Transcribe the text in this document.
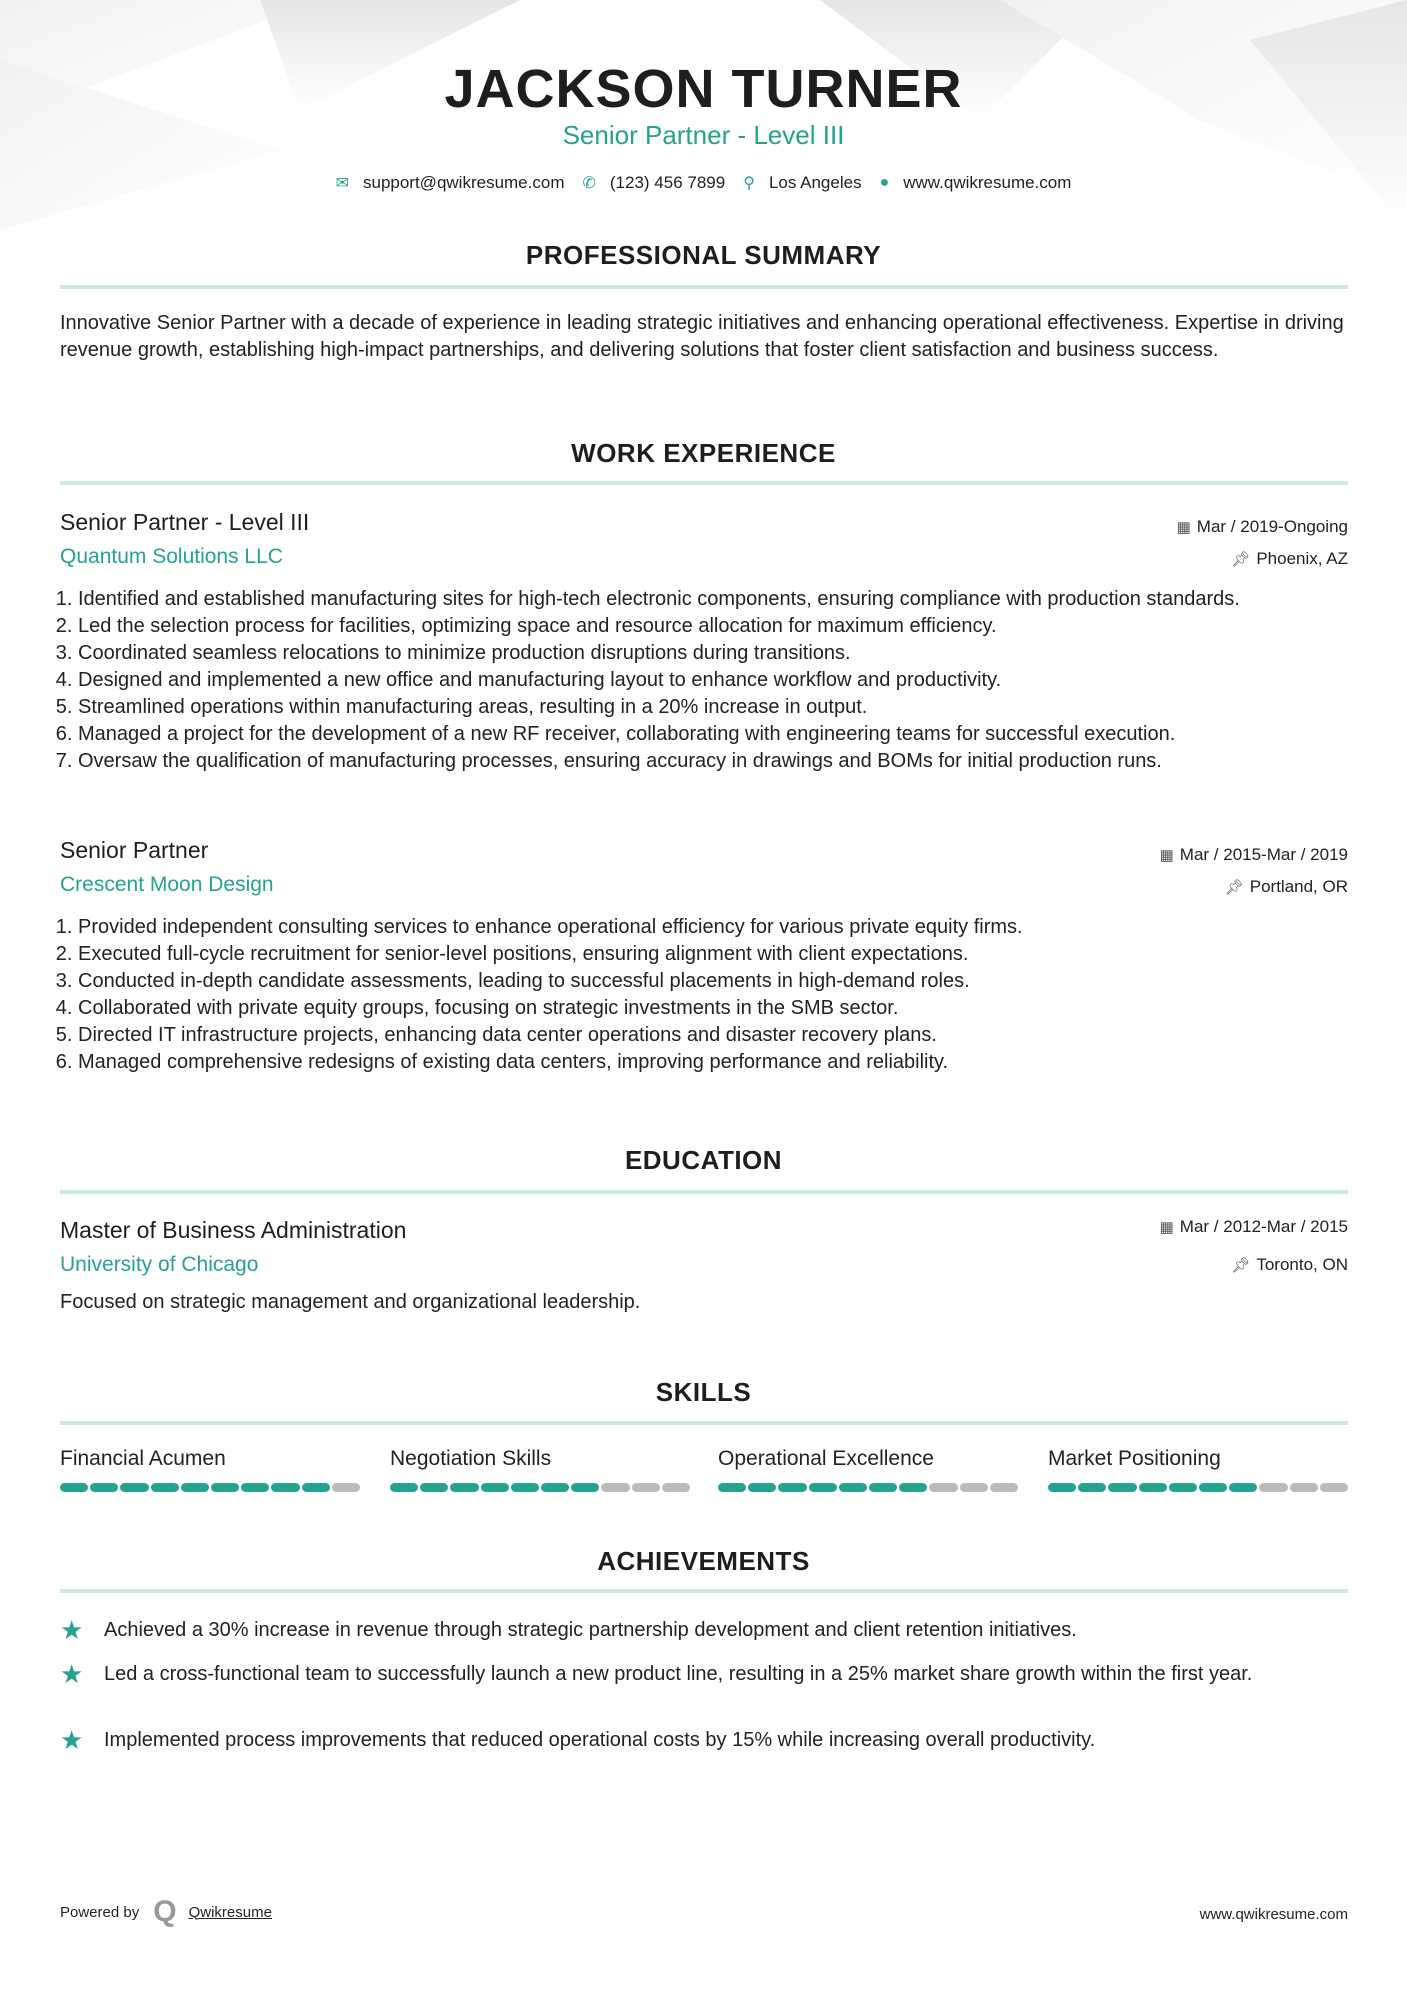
JACKSON TURNER
Senior Partner - Level III
✉ support@qwikresume.com ✆ (123) 456 7899 ⚲ Los Angeles ● www.qwikresume.com
PROFESSIONAL SUMMARY
Innovative Senior Partner with a decade of experience in leading strategic initiatives and enhancing operational effectiveness. Expertise in driving revenue growth, establishing high-impact partnerships, and delivering solutions that foster client satisfaction and business success.
WORK EXPERIENCE
Senior Partner - Level III	▦ Mar / 2019-Ongoing
Quantum Solutions LLC	📌︎ Phoenix, AZ
1. Identified and established manufacturing sites for high-tech electronic components, ensuring compliance with production standards.
2. Led the selection process for facilities, optimizing space and resource allocation for maximum efficiency.
3. Coordinated seamless relocations to minimize production disruptions during transitions.
4. Designed and implemented a new office and manufacturing layout to enhance workflow and productivity.
5. Streamlined operations within manufacturing areas, resulting in a 20% increase in output.
6. Managed a project for the development of a new RF receiver, collaborating with engineering teams for successful execution.
7. Oversaw the qualification of manufacturing processes, ensuring accuracy in drawings and BOMs for initial production runs.
Senior Partner	▦ Mar / 2015-Mar / 2019
Crescent Moon Design	📌︎ Portland, OR
1. Provided independent consulting services to enhance operational efficiency for various private equity firms.
2. Executed full-cycle recruitment for senior-level positions, ensuring alignment with client expectations.
3. Conducted in-depth candidate assessments, leading to successful placements in high-demand roles.
4. Collaborated with private equity groups, focusing on strategic investments in the SMB sector.
5. Directed IT infrastructure projects, enhancing data center operations and disaster recovery plans.
6. Managed comprehensive redesigns of existing data centers, improving performance and reliability.
EDUCATION
Master of Business Administration	▦ Mar / 2012-Mar / 2015
University of Chicago	📌︎ Toronto, ON
Focused on strategic management and organizational leadership.
SKILLS
Financial Acumen	Negotiation Skills	Operational Excellence	Market Positioning
ACHIEVEMENTS
★	Achieved a 30% increase in revenue through strategic partnership development and client retention initiatives.
★	Led a cross-functional team to successfully launch a new product line, resulting in a 25% market share growth within the first year.
★	Implemented process improvements that reduced operational costs by 15% while increasing overall productivity.
Powered by Q Qwikresume	www.qwikresume.com
